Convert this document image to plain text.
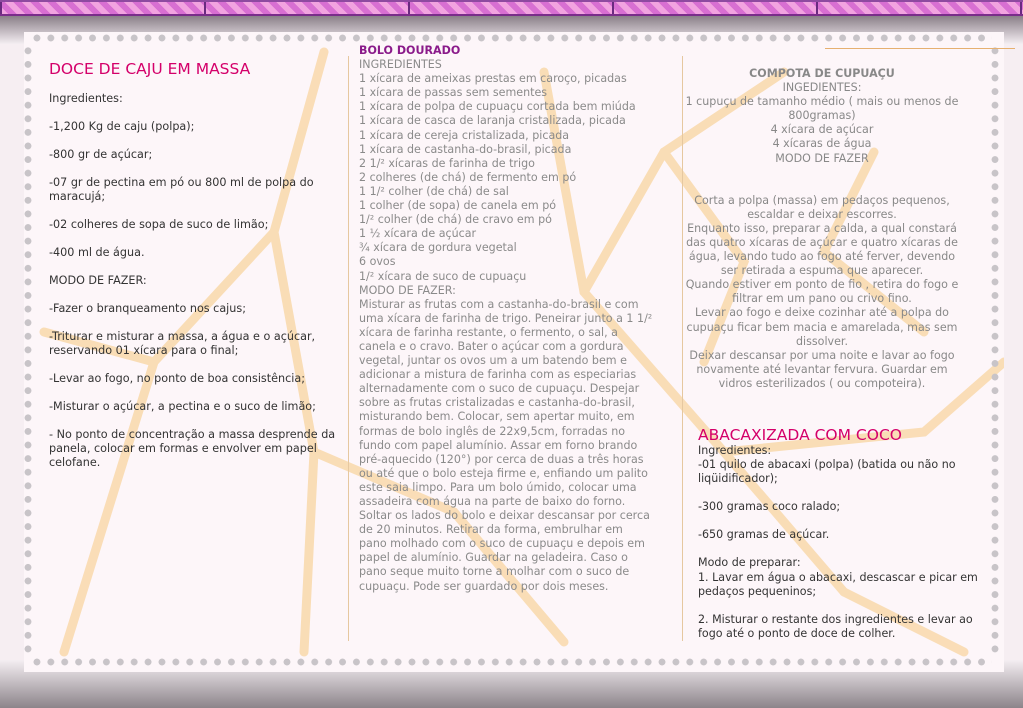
DOCE DE CAJU EM MASSA

Ingredientes:

-1,200 Kg de caju (polpa);

-800 gr de açúcar;

-07 gr de pectina em pó ou 800 ml de polpa do maracujá;

-02 colheres de sopa de suco de limão;

-400 ml de água.

MODO DE FAZER:

-Fazer o branqueamento nos cajus;

-Triturar e misturar a massa, a água e o açúcar, reservando 01 xícara para o final;

-Levar ao fogo, no ponto de boa consistência;

-Misturar o açúcar, a pectina e o suco de limão;

- No ponto de concentração a massa desprende da panela, colocar em formas e envolver em papel celofane.

BOLO DOURADO
INGREDIENTES
1 xícara de ameixas prestas em caroço, picadas
1 xícara de passas sem sementes
1 xícara de polpa de cupuaçu cortada bem miúda
1 xícara de casca de laranja cristalizada, picada
1 xícara de cereja cristalizada, picada
1 xícara de castanha-do-brasil, picada
2 1/² xícaras de farinha de trigo
2 colheres (de chá) de fermento em pó
1 1/² colher (de chá) de sal
1 colher (de sopa) de canela em pó
1/² colher (de chá) de cravo em pó
1 ½ xícara de açúcar
¾ xícara de gordura vegetal
6 ovos
1/² xícara de suco de cupuaçu
MODO DE FAZER:
Misturar as frutas com a castanha-do-brasil e com uma xícara de farinha de trigo. Peneirar junto a 1 1/² xícara de farinha restante, o fermento, o sal, a canela e o cravo. Bater o açúcar com a gordura vegetal, juntar os ovos um a um batendo bem e adicionar a mistura de farinha com as especiarias alternadamente com o suco de cupuaçu. Despejar sobre as frutas cristalizadas e castanha-do-brasil, misturando bem. Colocar, sem apertar muito, em formas de bolo inglês de 22x9,5cm, forradas no fundo com papel alumínio. Assar em forno brando pré-aquecido (120°) por cerca de duas a três horas ou até que o bolo esteja firme e, enfiando um palito este saia limpo. Para um bolo úmido, colocar uma assadeira com água na parte de baixo do forno. Soltar os lados do bolo e deixar descansar por cerca de 20 minutos. Retirar da forma, embrulhar em pano molhado com o suco de cupuaçu e depois em papel de alumínio. Guardar na geladeira. Caso o pano seque muito torne a molhar com o suco de cupuaçu. Pode ser guardado por dois meses.
COMPOTA DE CUPUAÇU
INGEDIENTES:
1 cupuçu de tamanho médio ( mais ou menos de 800gramas)
4 xícara de açúcar
4 xícaras de água
MODO DE FAZER
Corta a polpa (massa) em pedaços pequenos, escaldar e deixar escorres.
Enquanto isso, preparar a calda, a qual constará das quatro xícaras de açúcar e quatro xícaras de água, levando tudo ao fogo até ferver, devendo ser retirada a espuma que aparecer.
Quando estiver em ponto de fio , retira do fogo e filtrar em um pano ou crivo fino.
Levar ao fogo e deixe cozinhar até a polpa do cupuaçu ficar bem macia e amarelada, mas sem dissolver.
Deixar descansar por uma noite e lavar ao fogo novamente até levantar fervura. Guardar em vidros esterilizados ( ou compoteira).
ABACAXIZADA COM COCO
Ingredientes:

-01 quilo de abacaxi (polpa) (batida ou não no liqüidificador);

-300 gramas coco ralado;

-650 gramas de açúcar.

Modo de preparar:
1. Lavar em água o abacaxi, descascar e picar em pedaços pequeninos;

2. Misturar o restante dos ingredientes e levar ao fogo até o ponto de doce de colher.
